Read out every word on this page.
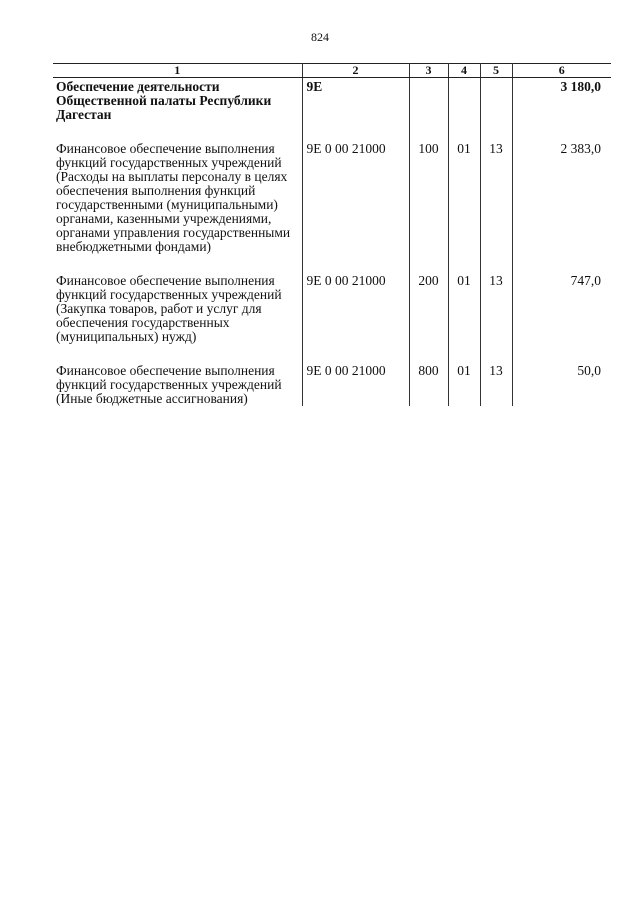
824
1	2	3	4	5	6
Обеспечение деятельности Общественной палаты Республики Дагестан	9Е				3 180,0
Финансовое обеспечение выполнения функций государственных учреждений (Расходы на выплаты персоналу в целях обеспечения выполнения функций государственными (муниципальными) органами, казенными учреждениями, органами управления государственными внебюджетными фондами)	9Е 0 00 21000	100	01	13	2 383,0
Финансовое обеспечение выполнения функций государственных учреждений (Закупка товаров, работ и услуг для обеспечения государственных (муниципальных) нужд)	9Е 0 00 21000	200	01	13	747,0
Финансовое обеспечение выполнения функций государственных учреждений (Иные бюджетные ассигнования)	9Е 0 00 21000	800	01	13	50,0
